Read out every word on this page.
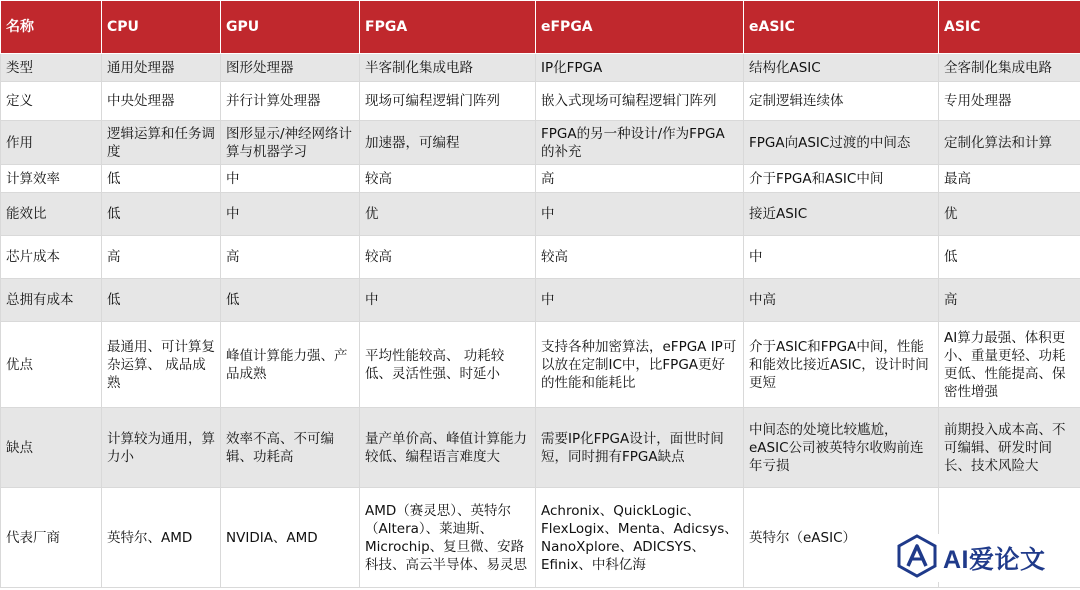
名称	CPU	GPU	FPGA	eFPGA	eASIC	ASIC
类型	通用处理器	图形处理器	半客制化集成电路	IP化FPGA	结构化ASIC	全客制化集成电路
定义	中央处理器	并行计算处理器	现场可编程逻辑门阵列	嵌入式现场可编程逻辑门阵列	定制逻辑连续体	专用处理器
作用	逻辑运算和任务调度	图形显示/神经网络计算与机器学习	加速器，可编程	FPGA的另一种设计/作为FPGA的补充	FPGA向ASIC过渡的中间态	定制化算法和计算
计算效率	低	中	较高	高	介于FPGA和ASIC中间	最高
能效比	低	中	优	中	接近ASIC	优
芯片成本	高	高	较高	较高	中	低
总拥有成本	低	低	中	中	中高	高
优点	最通用、可计算复杂运算、 成品成熟	峰值计算能力强、产品成熟	平均性能较高、 功耗较低、灵活性强、时延小	支持各种加密算法，eFPGA IP可以放在定制IC中，比FPGA更好的性能和能耗比	介于ASIC和FPGA中间，性能和能效比接近ASIC，设计时间更短	AI算力最强、体积更小、重量更轻、功耗更低、性能提高、保密性增强
缺点	计算较为通用，算力小	效率不高、不可编辑、功耗高	量产单价高、峰值计算能力较低、编程语言难度大	需要IP化FPGA设计，面世时间短，同时拥有FPGA缺点	中间态的处境比较尴尬，eASIC公司被英特尔收购前连年亏损	前期投入成本高、不可编辑、研发时间长、技术风险大
代表厂商	英特尔、AMD	NVIDIA、AMD	AMD（赛灵思）、英特尔（Altera）、莱迪斯、Microchip、复旦微、安路科技、高云半导体、易灵思	Achronix、QuickLogic、FlexLogix、Menta、Adicsys、NanoXplore、ADICSYS、Efinix、中科亿海	英特尔（eASIC）	
AI爱论文
